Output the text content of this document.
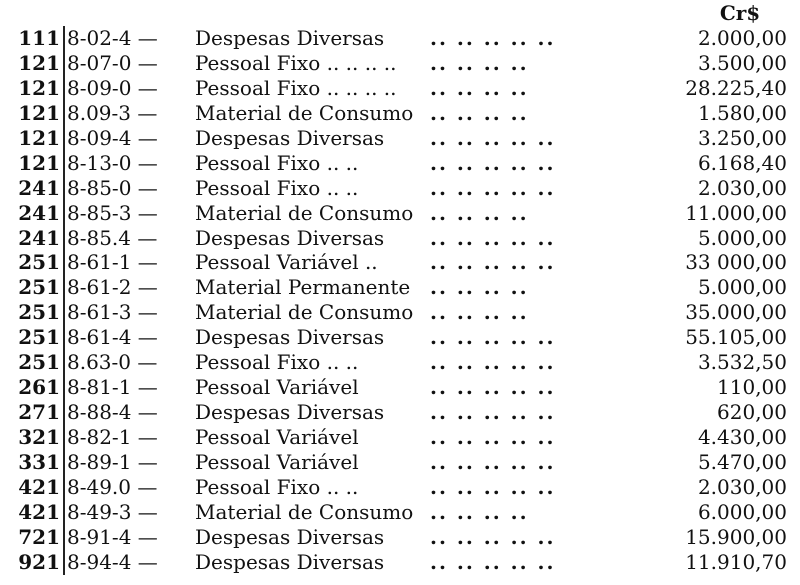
Cr$
111 8-02-4 — Despesas Diversas .. .. .. .. ..	2.000,00
121 8-07-0 — Pessoal Fixo .. .. .. .. .. .. .. ..	3.500,00
121 8-09-0 — Pessoal Fixo .. .. .. .. .. .. .. ..	28.225,40
121 8.09-3 — Material de Consumo .. .. .. ..	1.580,00
121 8-09-4 — Despesas Diversas .. .. .. .. ..	3.250,00
121 8-13-0 — Pessoal Fixo .. ..	.. .. .. .. ..	6.168,40
241 8-85-0 — Pessoal Fixo .. ..	.. .. .. .. ..	2.030,00
241 8-85-3 — Material de Consumo .. .. .. ..	11.000,00
241 8-85.4 — Despesas Diversas .. .. .. .. ..	5.000,00
251 8-61-1 — Pessoal Variável ..	.. .. .. .. ..	33 000,00
251 8-61-2 — Material Permanente .. .. .. ..	5.000,00
251 8-61-3 — Material de Consumo .. .. .. ..	35.000,00
251 8-61-4 — Despesas Diversas .. .. .. .. ..	55.105,00
251 8.63-0 — Pessoal Fixo .. ..	.. .. .. .. ..	3.532,50
261 8-81-1 — Pessoal Variável	.. .. .. .. ..	110,00
271 8-88-4 — Despesas Diversas .. .. .. .. ..	620,00
321 8-82-1 — Pessoal Variável	.. .. .. .. ..	4.430,00
331 8-89-1 — Pessoal Variável	.. .. .. .. ..	5.470,00
421 8-49.0 — Pessoal Fixo .. ..	.. .. .. .. ..	2.030,00
421 8-49-3 — Material de Consumo .. .. .. ..	6.000,00
721 8-91-4 — Despesas Diversas .. .. .. .. ..	15.900,00
921 8-94-4 — Despesas Diversas .. .. .. .. ..	11.910,70
